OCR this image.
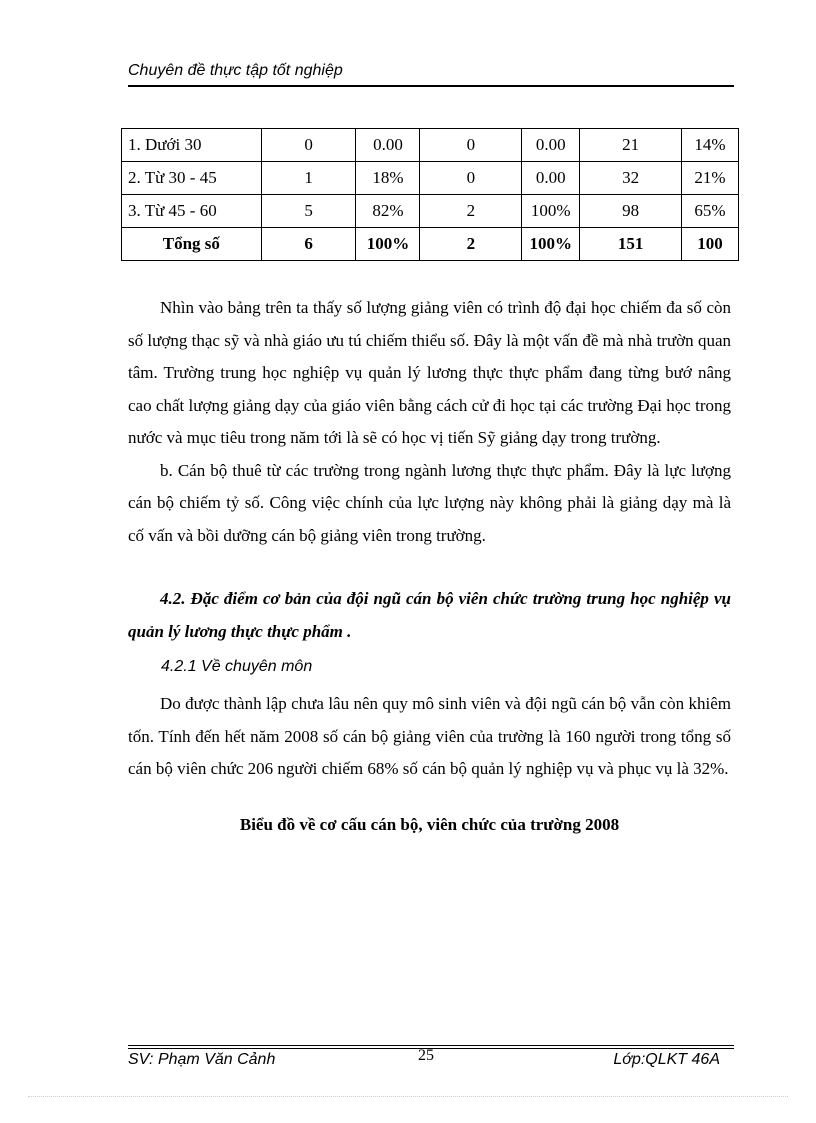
Chuyên đề thực tập tốt nghiệp
1. Dưới 30	0	0.00	0	0.00	21	14%
2. Từ 30 - 45	1	18%	0	0.00	32	21%
3. Từ 45 - 60	5	82%	2	100%	98	65%
Tổng số	6	100%	2	100%	151	100

Nhìn vào bảng trên ta thấy số lượng giảng viên có trình độ đại học chiếm đa số còn số lượng thạc sỹ và nhà giáo ưu tú chiếm thiểu số. Đây là một vấn đề mà nhà trườn quan tâm. Trường trung học nghiệp vụ quản lý lương thực thực phẩm đang từng bướ nâng cao chất lượng giảng dạy của giáo viên bằng cách cử đi học tại các trường Đại học trong nước và mục tiêu trong năm tới là sẽ có học vị tiến Sỹ giảng dạy trong trường.

b. Cán bộ thuê từ các trường trong ngành lương thực thực phẩm. Đây là lực lượng cán bộ chiếm tỷ số. Công việc chính của lực lượng này không phải là giảng dạy mà là cố vấn và bồi dưỡng cán bộ giảng viên trong trường.

4.2. Đặc điểm cơ bản của đội ngũ cán bộ viên chức trường trung học nghiệp vụ quản lý lương thực thực phẩm .
4.2.1 Về chuyên môn

Do được thành lập chưa lâu nên quy mô sinh viên và đội ngũ cán bộ vẫn còn khiêm tốn. Tính đến hết năm 2008 số cán bộ giảng viên của trường là 160 người trong tổng số cán bộ viên chức 206 người chiếm 68% số cán bộ quản lý nghiệp vụ và phục vụ là 32%.

Biểu đồ về cơ cấu cán bộ, viên chức của trường 2008
SV: Phạm Văn Cảnh	25	Lớp:QLKT 46A
